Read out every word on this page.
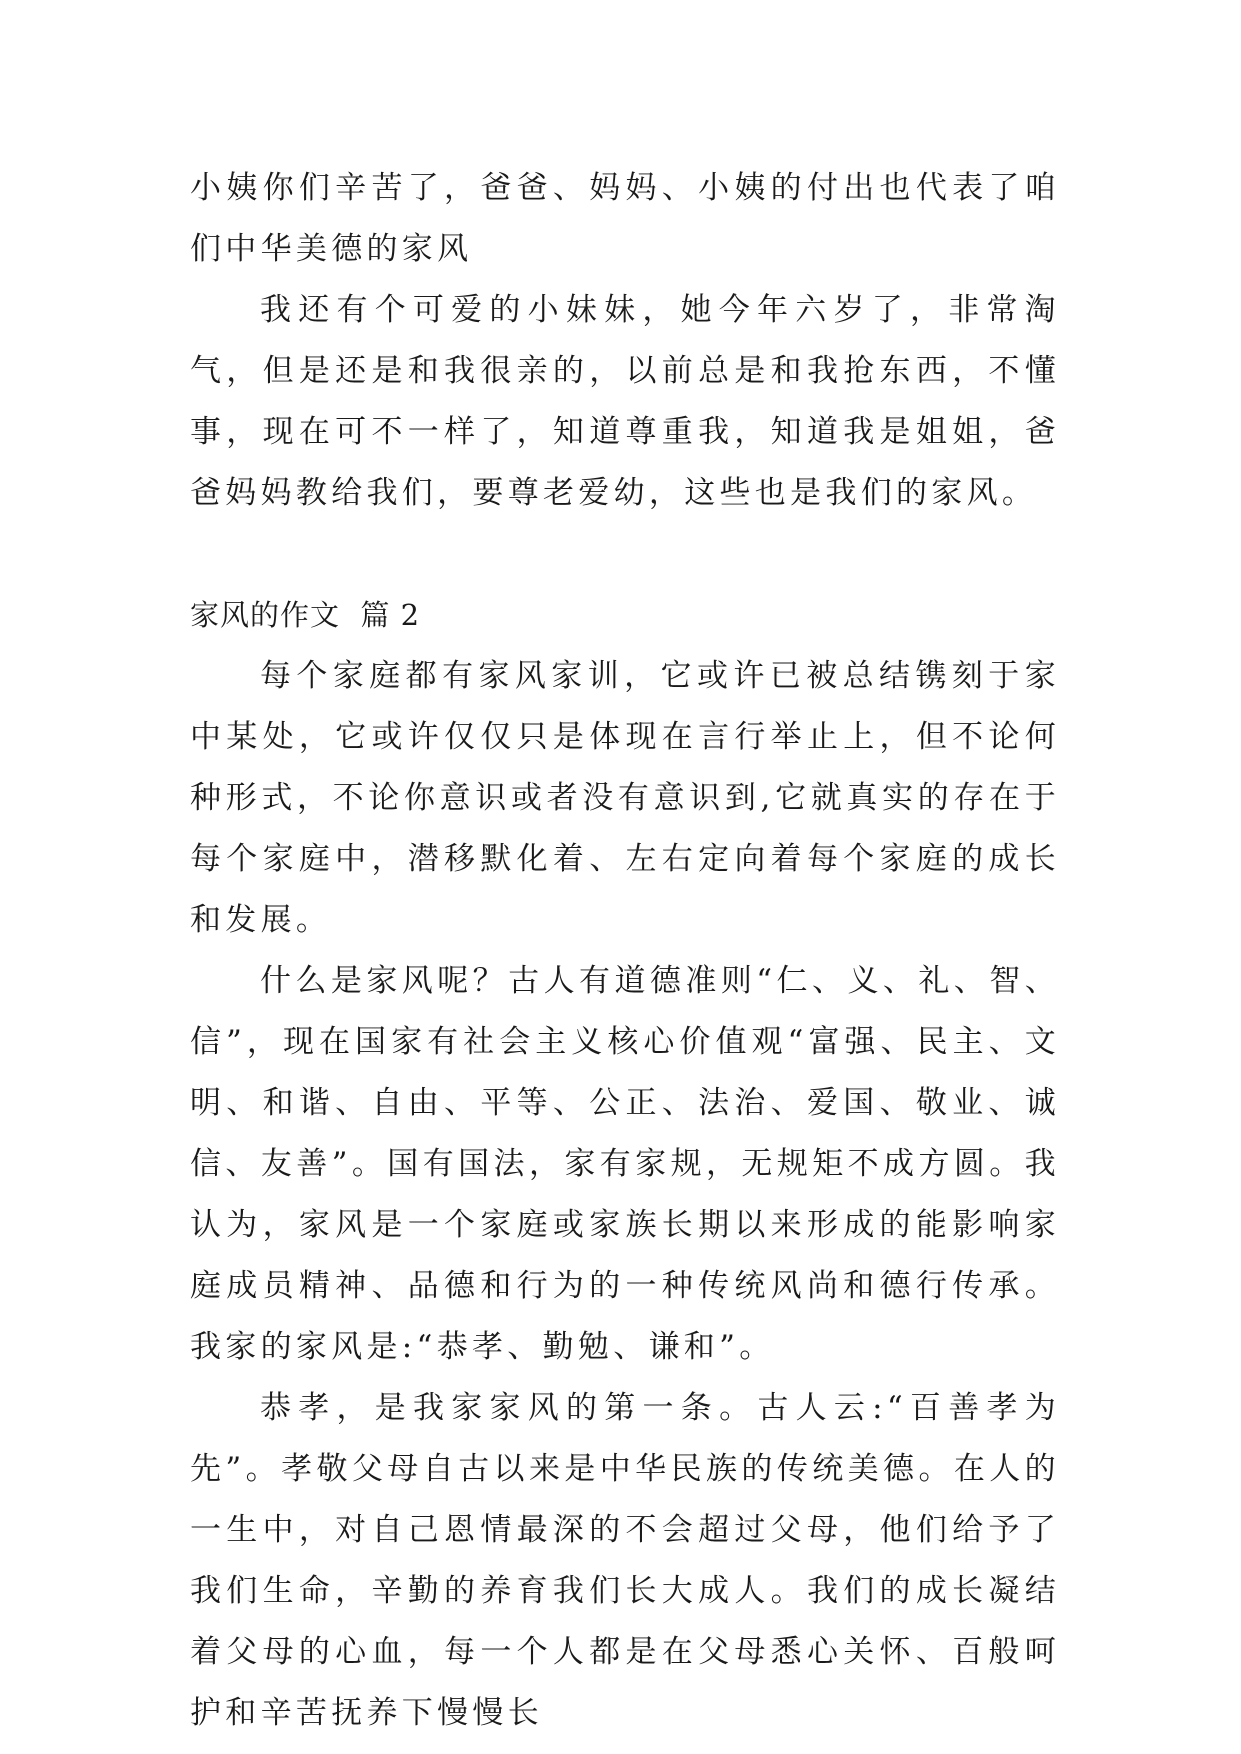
小姨你们辛苦了，爸爸、妈妈、小姨的付出也代表了咱们中华美德的家风

我还有个可爱的小妹妹，她今年六岁了，非常淘气，但是还是和我很亲的，以前总是和我抢东西，不懂事，现在可不一样了，知道尊重我，知道我是姐姐，爸爸妈妈教给我们，要尊老爱幼，这些也是我们的家风。

家风的作文  篇 2

每个家庭都有家风家训，它或许已被总结镌刻于家中某处，它或许仅仅只是体现在言行举止上，但不论何种形式，不论你意识或者没有意识到,它就真实的存在于每个家庭中，潜移默化着、左右定向着每个家庭的成长和发展。

什么是家风呢？古人有道德准则“仁、义、礼、智、信”，现在国家有社会主义核心价值观“富强、民主、文明、和谐、自由、平等、公正、法治、爱国、敬业、诚信、友善”。国有国法，家有家规，无规矩不成方圆。我认为，家风是一个家庭或家族长期以来形成的能影响家庭成员精神、品德和行为的一种传统风尚和德行传承。我家的家风是:“恭孝、勤勉、谦和”。

恭孝，是我家家风的第一条。古人云:“百善孝为先”。孝敬父母自古以来是中华民族的传统美德。在人的一生中，对自己恩情最深的不会超过父母，他们给予了我们生命，辛勤的养育我们长大成人。我们的成长凝结着父母的心血，每一个人都是在父母悉心关怀、百般呵护和辛苦抚养下慢慢长
